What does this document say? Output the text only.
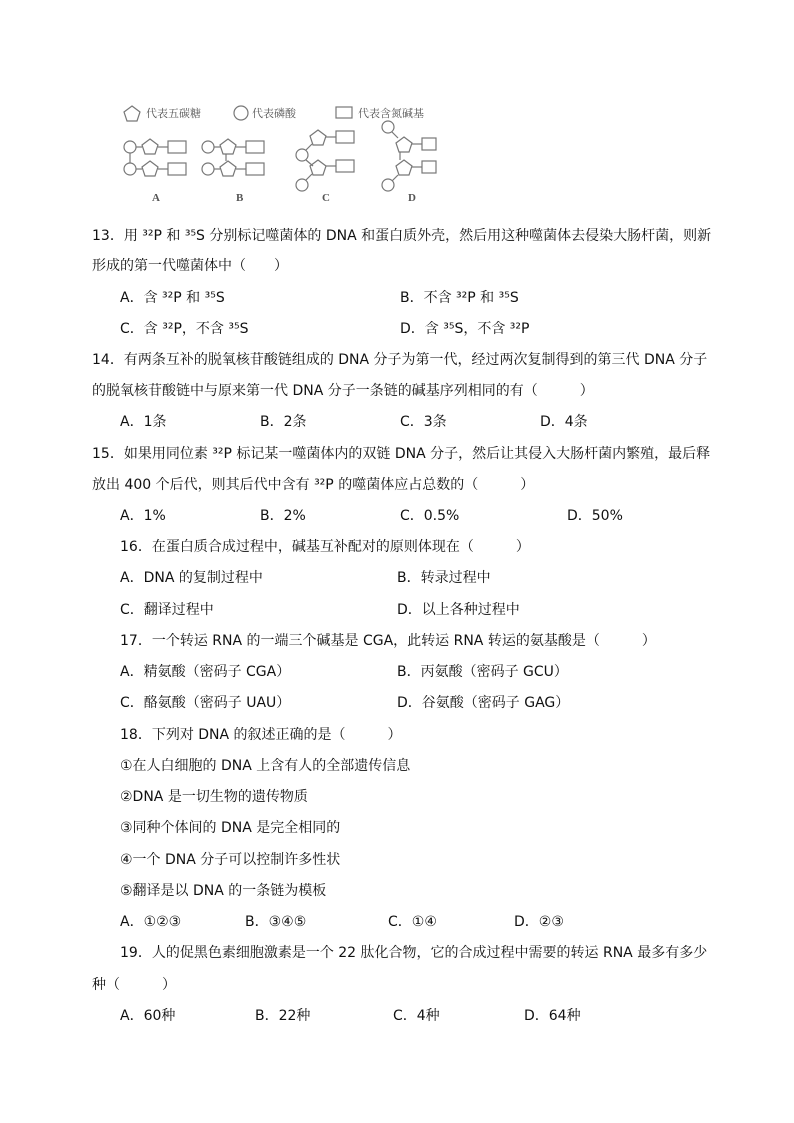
代表五碳糖	代表磷酸	代表含氮碱基
A	B	C	D
13．用 ³²P 和 ³⁵S 分别标记噬菌体的 DNA 和蛋白质外壳，然后用这种噬菌体去侵染大肠杆菌，则新
形成的第一代噬菌体中（　　）
A．含 ³²P 和 ³⁵S	B．不含 ³²P 和 ³⁵S
C．含 ³²P，不含 ³⁵S	D．含 ³⁵S，不含 ³²P
14．有两条互补的脱氧核苷酸链组成的 DNA 分子为第一代，经过两次复制得到的第三代 DNA 分子
的脱氧核苷酸链中与原来第一代 DNA 分子一条链的碱基序列相同的有（　　　）
A．1条	B．2条	C．3条	D．4条
15．如果用同位素 ³²P 标记某一噬菌体内的双链 DNA 分子，然后让其侵入大肠杆菌内繁殖，最后释
放出 400 个后代，则其后代中含有 ³²P 的噬菌体应占总数的（　　　）
A．1%	B．2%	C．0.5%	D．50%
16．在蛋白质合成过程中，碱基互补配对的原则体现在（　　　）
A．DNA 的复制过程中	B．转录过程中
C．翻译过程中	D．以上各种过程中
17．一个转运 RNA 的一端三个碱基是 CGA，此转运 RNA 转运的氨基酸是（　　　）
A．精氨酸（密码子 CGA）	B．丙氨酸（密码子 GCU）
C．酪氨酸（密码子 UAU）	D．谷氨酸（密码子 GAG）
18．下列对 DNA 的叙述正确的是（　　　）
①在人白细胞的 DNA 上含有人的全部遗传信息
②DNA 是一切生物的遗传物质
③同种个体间的 DNA 是完全相同的
④一个 DNA 分子可以控制许多性状
⑤翻译是以 DNA 的一条链为模板
A．①②③	B．③④⑤	C．①④	D．②③
19．人的促黑色素细胞激素是一个 22 肽化合物，它的合成过程中需要的转运 RNA 最多有多少
种（　　　）
A．60种	B．22种	C．4种	D．64种
